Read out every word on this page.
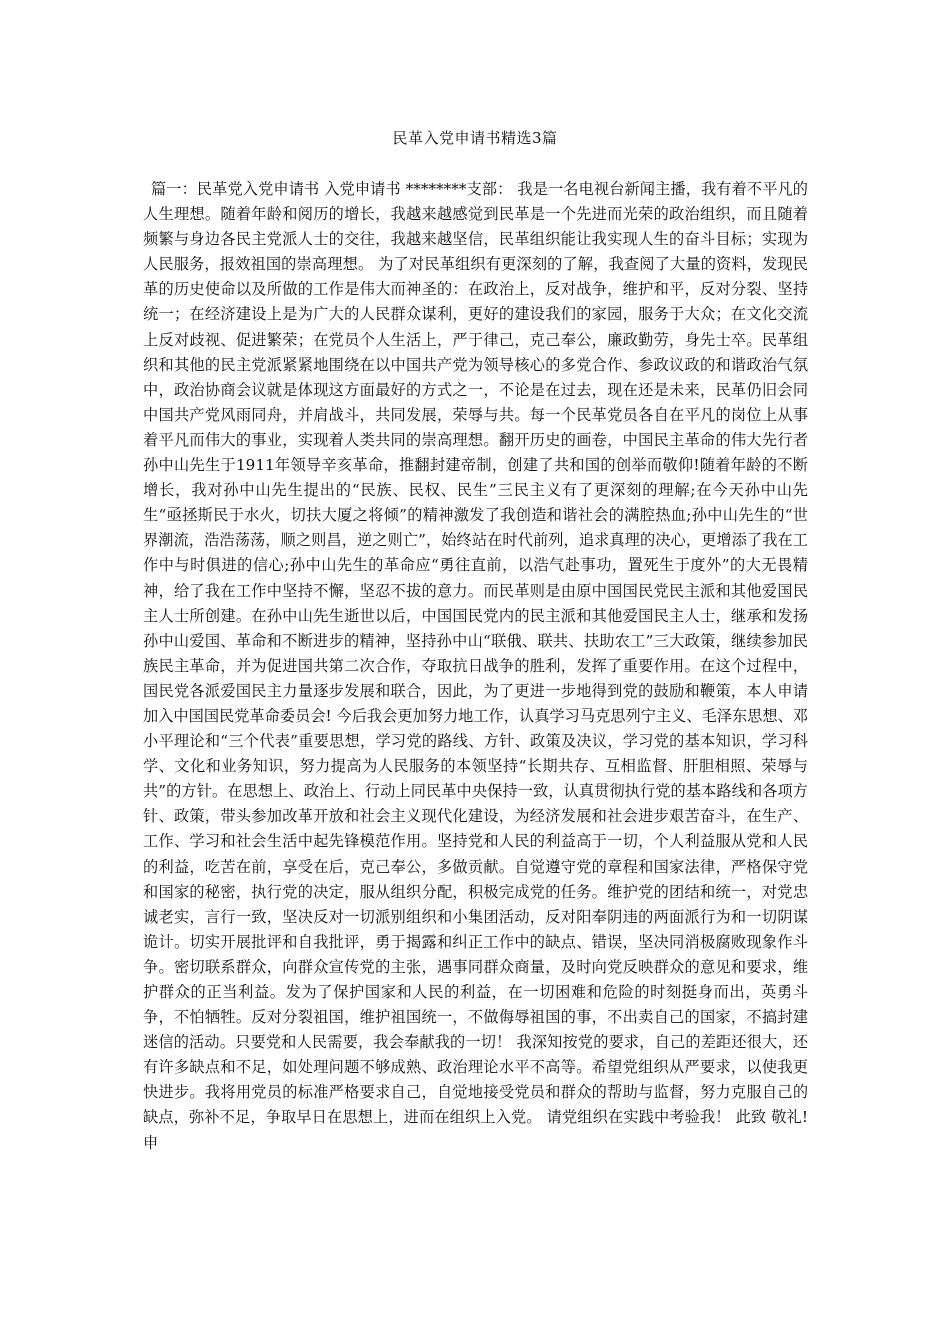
民革入党申请书精选3篇

篇一：民革党入党申请书 入党申请书 ********支部： 我是一名电视台新闻主播，我有着不平凡的人生理想。随着年龄和阅历的增长，我越来越感觉到民革是一个先进而光荣的政治组织，而且随着频繁与身边各民主党派人士的交往，我越来越坚信，民革组织能让我实现人生的奋斗目标；实现为人民服务，报效祖国的崇高理想。 为了对民革组织有更深刻的了解，我查阅了大量的资料，发现民革的历史使命以及所做的工作是伟大而神圣的：在政治上，反对战争，维护和平，反对分裂、坚持统一；在经济建设上是为广大的人民群众谋利，更好的建设我们的家园，服务于大众；在文化交流上反对歧视、促进繁荣；在党员个人生活上，严于律己，克己奉公，廉政勤劳，身先士卒。民革组织和其他的民主党派紧紧地围绕在以中国共产党为领导核心的多党合作、参政议政的和谐政治气氛中，政治协商会议就是体现这方面最好的方式之一，不论是在过去，现在还是未来，民革仍旧会同中国共产党风雨同舟，并肩战斗，共同发展，荣辱与共。每一个民革党员各自在平凡的岗位上从事着平凡而伟大的事业，实现着人类共同的崇高理想。翻开历史的画卷，中国民主革命的伟大先行者孙中山先生于1911年领导辛亥革命，推翻封建帝制，创建了共和国的创举而敬仰!随着年龄的不断增长，我对孙中山先生提出的“民族、民权、民生”三民主义有了更深刻的理解;在今天孙中山先生“亟拯斯民于水火，切扶大厦之将倾”的精神激发了我创造和谐社会的满腔热血;孙中山先生的“世界潮流，浩浩荡荡，顺之则昌，逆之则亡”，始终站在时代前列，追求真理的决心，更增添了我在工作中与时俱进的信心;孙中山先生的革命应“勇往直前，以浩气赴事功，置死生于度外”的大无畏精神，给了我在工作中坚持不懈，坚忍不拔的意力。而民革则是由原中国国民党民主派和其他爱国民主人士所创建。在孙中山先生逝世以后，中国国民党内的民主派和其他爱国民主人士，继承和发扬孙中山爱国、革命和不断进步的精神，坚持孙中山“联俄、联共、扶助农工”三大政策，继续参加民族民主革命，并为促进国共第二次合作，夺取抗日战争的胜利，发挥了重要作用。在这个过程中，国民党各派爱国民主力量逐步发展和联合，因此，为了更进一步地得到党的鼓励和鞭策，本人申请加入中国国民党革命委员会! 今后我会更加努力地工作，认真学习马克思列宁主义、毛泽东思想、邓小平理论和“三个代表”重要思想，学习党的路线、方针、政策及决议，学习党的基本知识，学习科学、文化和业务知识，努力提高为人民服务的本领坚持“长期共存、互相监督、肝胆相照、荣辱与共”的方针。在思想上、政治上、行动上同民革中央保持一致，认真贯彻执行党的基本路线和各项方针、政策，带头参加改革开放和社会主义现代化建设，为经济发展和社会进步艰苦奋斗，在生产、工作、学习和社会生活中起先锋模范作用。坚持党和人民的利益高于一切，个人利益服从党和人民的利益，吃苦在前，享受在后，克己奉公，多做贡献。自觉遵守党的章程和国家法律，严格保守党和国家的秘密，执行党的决定，服从组织分配，积极完成党的任务。维护党的团结和统一，对党忠诚老实，言行一致，坚决反对一切派别组织和小集团活动，反对阳奉阴违的两面派行为和一切阴谋诡计。切实开展批评和自我批评，勇于揭露和纠正工作中的缺点、错误，坚决同消极腐败现象作斗争。密切联系群众，向群众宣传党的主张，遇事同群众商量，及时向党反映群众的意见和要求，维护群众的正当利益。发为了保护国家和人民的利益，在一切困难和危险的时刻挺身而出，英勇斗争，不怕牺牲。反对分裂祖国，维护祖国统一，不做侮辱祖国的事，不出卖自己的国家，不搞封建迷信的活动。只要党和人民需要，我会奉献我的一切！ 我深知按党的要求，自己的差距还很大，还有许多缺点和不足，如处理问题不够成熟、政治理论水平不高等。希望党组织从严要求，以使我更快进步。我将用党员的标准严格要求自己，自觉地接受党员和群众的帮助与监督，努力克服自己的缺点，弥补不足，争取早日在思想上，进而在组织上入党。 请党组织在实践中考验我！ 此致 敬礼!申
